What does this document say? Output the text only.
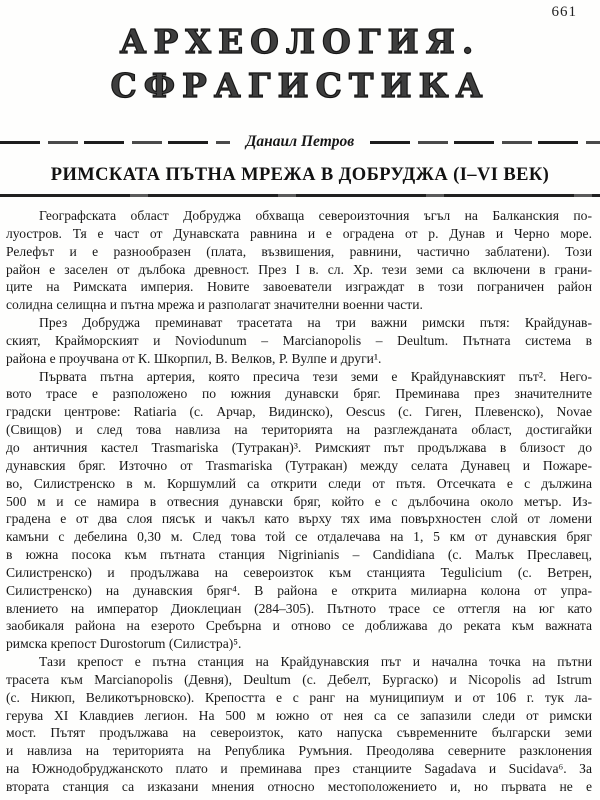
661
АРХЕОЛОГИЯ.
СФРАГИСТИКА
Данаил Петров
РИМСКАТА ПЪТНА МРЕЖА В ДОБРУДЖА (I–VI ВЕК)
Географската област Добруджа обхваща североизточния ъгъл на Балканския по-
луостров. Тя е част от Дунавската равнина и е оградена от р. Дунав и Черно море.
Релефът и е разнообразен (плата, възвишения, равнини, частично заблатени). Този
район е заселен от дълбока древност. През I в. сл. Хр. тези земи са включени в грани-
ците на Римската империя. Новите завоеватели изграждат в този пограничен район
солидна селищна и пътна мрежа и разполагат значителни военни части.
През Добруджа преминават трасетата на три важни римски пътя: Крайдунав-
ският, Крайморският и Noviodunum – Marcianopolis – Deultum. Пътната система в
района е проучвана от К. Шкорпил, В. Велков, Р. Вулпе и други¹.
Първата пътна артерия, която пресича тези земи е Крайдунавският път². Него-
вото трасе е разположено по южния дунавски бряг. Преминава през значителните
градски центрове: Ratiaria (с. Арчар, Видинско), Oescus (с. Гиген, Плевенско), Novae
(Свищов) и след това навлиза на територията на разглежданата област, достигайки
до античния кастел Trasmariska (Тутракан)³. Римският път продължава в близост до
дунавския бряг. Източно от Trasmariska (Тутракан) между селата Дунавец и Пожаре-
во, Силистренско в м. Коршумлий са открити следи от пътя. Отсечката е с дължина
500 м и се намира в отвесния дунавски бряг, който е с дълбочина около метър. Из-
градена е от два слоя пясък и чакъл като върху тях има повърхностен слой от ломени
камъни с дебелина 0,30 м. След това той се отдалечава на 1, 5 км от дунавския бряг
в южна посока към пътната станция Nigrinianis – Candidiana (с. Малък Преславец,
Силистренско) и продължава на североизток към станцията Tegulicium (с. Ветрен,
Силистренско) на дунавския бряг⁴. В района е открита милиарна колона от упра-
влението на император Диоклециан (284–305). Пътното трасе се оттегля на юг като
заобикаля района на езерото Сребърна и отново се доближава до реката към важната
римска крепост Durostorum (Силистра)⁵.
Тази крепост е пътна станция на Крайдунавския път и начална точка на пътни
трасета към Marcianopolis (Девня), Deultum (с. Дебелт, Бургаско) и Nicopolis ad Istrum
(с. Никюп, Великотърновско). Крепостта е с ранг на муниципиум и от 106 г. тук ла-
герува XI Клавдиев легион. На 500 м южно от нея са се запазили следи от римски
мост. Пътят продължава на североизток, като напуска съвременните български земи
и навлиза на територията на Република Румъния. Преодолява северните разклонения
на Южнодобруджанското плато и преминава през станциите Sagadava и Sucidava⁶. За
втората станция са изказани мнения относно местоположението и, но първата не е
